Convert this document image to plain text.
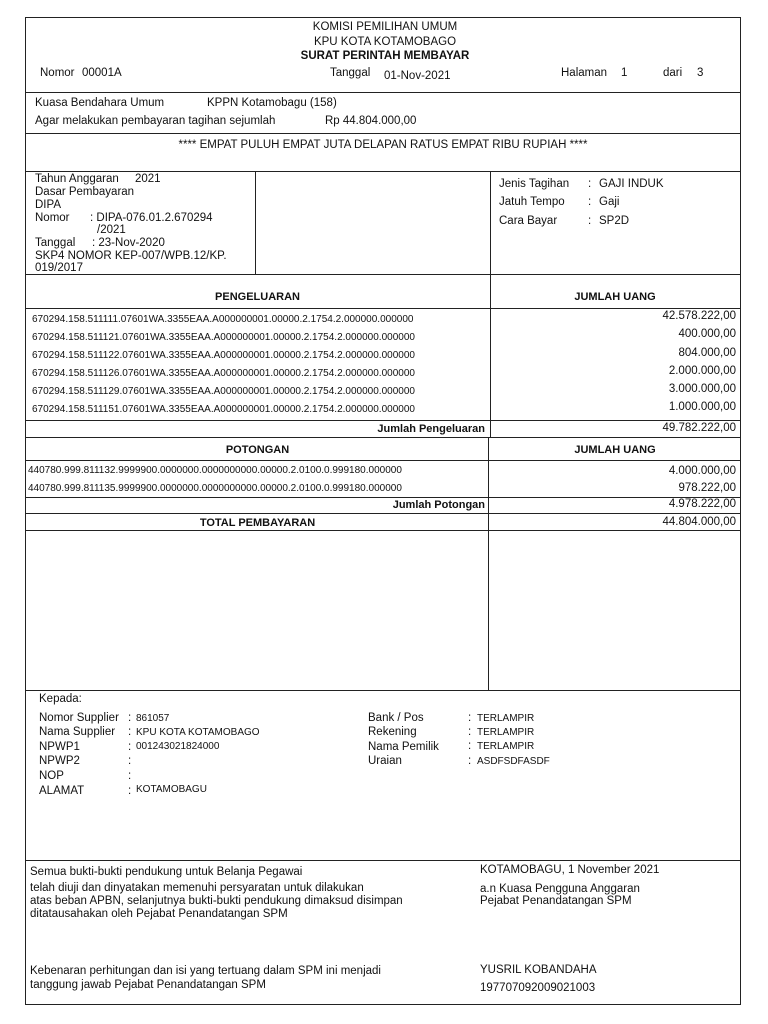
KOMISI PEMILIHAN UMUM
KPU KOTA KOTAMOBAGO
SURAT PERINTAH MEMBAYAR
Nomor 00001A	Tanggal 01-Nov-2021	Halaman 1	dari 3
Kuasa Bendahara Umum	KPPN Kotamobagu (158)
Agar melakukan pembayaran tagihan sejumlah	Rp 44.804.000,00
**** EMPAT PULUH EMPAT JUTA DELAPAN RATUS EMPAT RIBU RUPIAH ****
Tahun Anggaran 2021
Dasar Pembayaran
DIPA
Nomor : DIPA-076.01.2.670294
/2021
Tanggal : 23-Nov-2020
SKP4 NOMOR KEP-007/WPB.12/KP.
019/2017
Jenis Tagihan : GAJI INDUK
Jatuh Tempo : Gaji
Cara Bayar	: SP2D
PENGELUARAN	JUMLAH UANG
670294.158.511111.07601WA.3355EAA.A000000001.00000.2.1754.2.000000.000000	42.578.222,00
670294.158.511121.07601WA.3355EAA.A000000001.00000.2.1754.2.000000.000000	400.000,00
670294.158.511122.07601WA.3355EAA.A000000001.00000.2.1754.2.000000.000000	804.000,00
670294.158.511126.07601WA.3355EAA.A000000001.00000.2.1754.2.000000.000000	2.000.000,00
670294.158.511129.07601WA.3355EAA.A000000001.00000.2.1754.2.000000.000000	3.000.000,00
670294.158.511151.07601WA.3355EAA.A000000001.00000.2.1754.2.000000.000000	1.000.000,00
Jumlah Pengeluaran	49.782.222,00
POTONGAN	JUMLAH UANG
440780.999.811132.9999900.0000000.0000000000.00000.2.0100.0.999180.000000	4.000.000,00
440780.999.811135.9999900.0000000.0000000000.00000.2.0100.0.999180.000000	978.222,00
Jumlah Potongan	4.978.222,00
TOTAL PEMBAYARAN	44.804.000,00
Kepada:
Nomor Supplier : 861057
Nama Supplier : KPU KOTA KOTAMOBAGO
NPWP1	: 001243021824000
NPWP2	:
NOP	:
ALAMAT	: KOTAMOBAGU
Bank / Pos	: TERLAMPIR
Rekening	: TERLAMPIR
Nama Pemilik	: TERLAMPIR
Uraian	: ASDFSDFASDF
Semua bukti-bukti pendukung untuk Belanja Pegawai
telah diuji dan dinyatakan memenuhi persyaratan untuk dilakukan
atas beban APBN, selanjutnya bukti-bukti pendukung dimaksud disimpan
ditatausahakan oleh Pejabat Penandatangan SPM
KOTAMOBAGU, 1 November 2021
a.n Kuasa Pengguna Anggaran
Pejabat Penandatangan SPM
Kebenaran perhitungan dan isi yang tertuang dalam SPM ini menjadi
tanggung jawab Pejabat Penandatangan SPM
YUSRIL KOBANDAHA
197707092009021003
